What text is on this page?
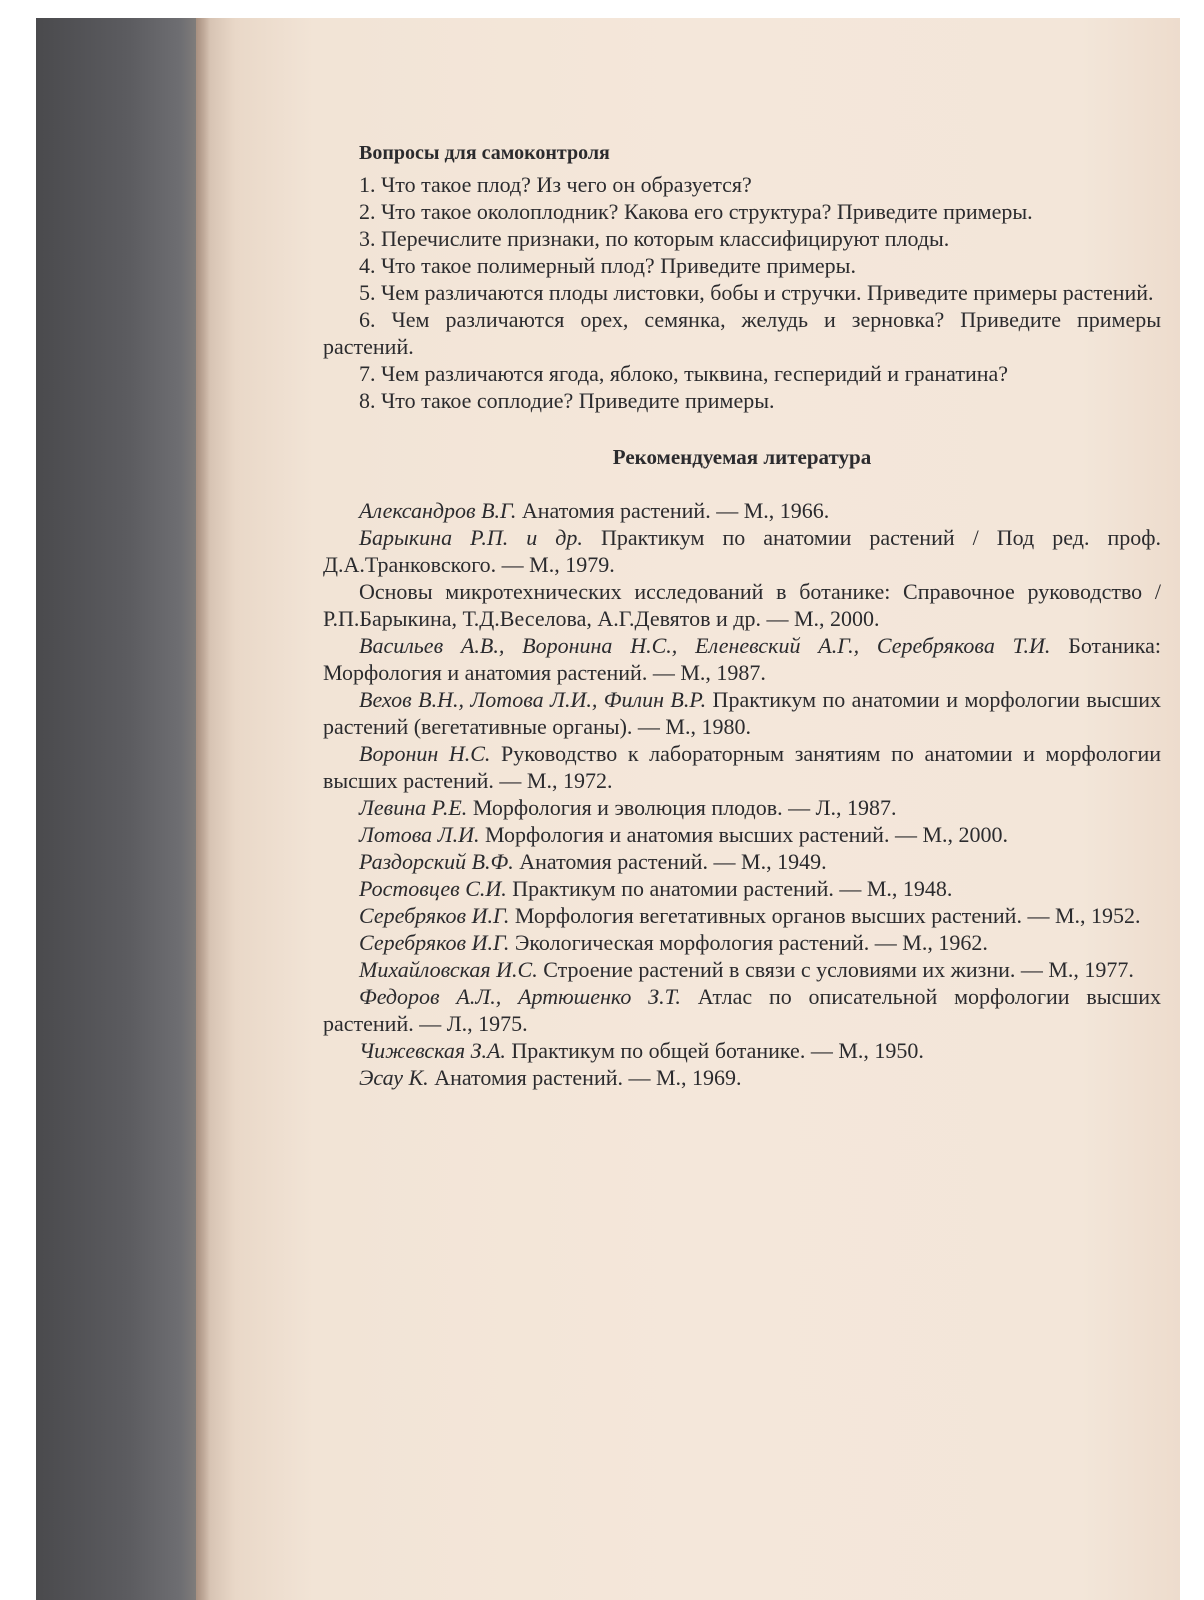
Вопросы для самоконтроля

1. Что такое плод? Из чего он образуется?

2. Что такое околоплодник? Какова его структура? Приведите примеры.

3. Перечислите признаки, по которым классифицируют плоды.

4. Что такое полимерный плод? Приведите примеры.

5. Чем различаются плоды листовки, бобы и стручки. Приведите примеры растений.

6. Чем различаются орех, семянка, желудь и зерновка? Приведите примеры растений.

7. Чем различаются ягода, яблоко, тыквина, гесперидий и гранатина?

8. Что такое соплодие? Приведите примеры.

Рекомендуемая литература

Александров В.Г. Анатомия растений. — М., 1966.

Барыкина Р.П. и др. Практикум по анатомии растений / Под ред. проф. Д.А.Транковского. — М., 1979.

Основы микротехнических исследований в ботанике: Справочное руководство / Р.П.Барыкина, Т.Д.Веселова, А.Г.Девятов и др. — М., 2000.

Васильев А.В., Воронина Н.С., Еленевский А.Г., Серебрякова Т.И. Ботаника: Морфология и анатомия растений. — М., 1987.

Вехов В.Н., Лотова Л.И., Филин В.Р. Практикум по анатомии и морфологии высших растений (вегетативные органы). — М., 1980.

Воронин Н.С. Руководство к лабораторным занятиям по анатомии и морфологии высших растений. — М., 1972.

Левина Р.Е. Морфология и эволюция плодов. — Л., 1987.

Лотова Л.И. Морфология и анатомия высших растений. — М., 2000.

Раздорский В.Ф. Анатомия растений. — М., 1949.

Ростовцев С.И. Практикум по анатомии растений. — М., 1948.

Серебряков И.Г. Морфология вегетативных органов высших растений. — М., 1952.

Серебряков И.Г. Экологическая морфология растений. — М., 1962.

Михайловская И.С. Строение растений в связи с условиями их жизни. — М., 1977.

Федоров А.Л., Артюшенко З.Т. Атлас по описательной морфологии высших растений. — Л., 1975.

Чижевская З.А. Практикум по общей ботанике. — М., 1950.

Эсау К. Анатомия растений. — М., 1969.
